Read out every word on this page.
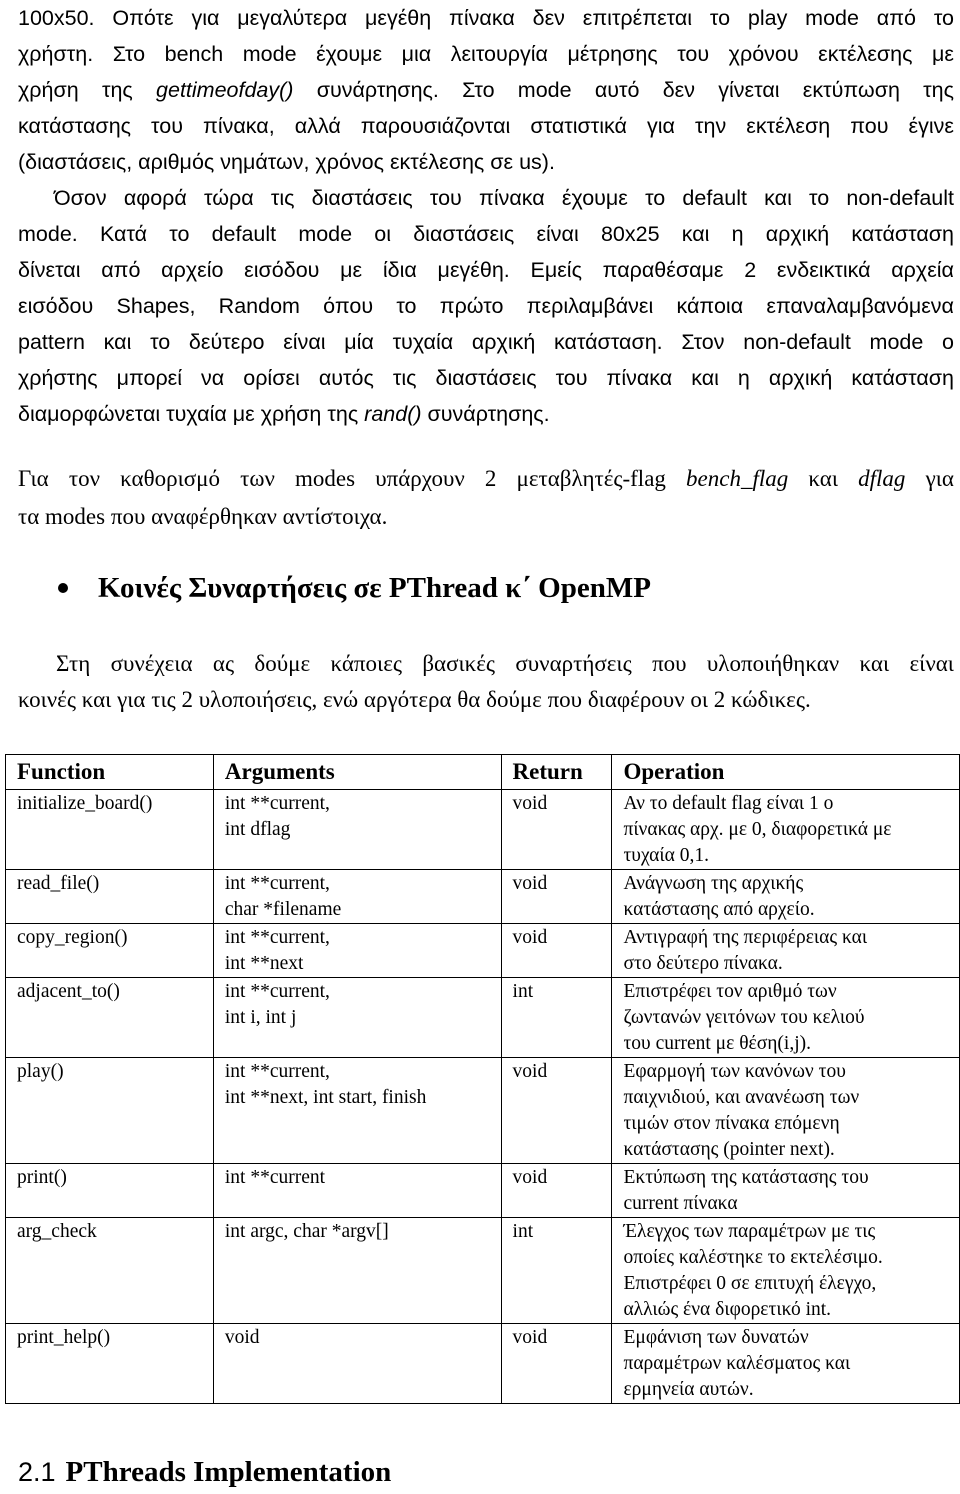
100x50. Οπότε για μεγαλύτερα μεγέθη πίνακα δεν επιτρέπεται το play mode από το
χρήστη. Στο bench mode έχουμε μια λειτουργία μέτρησης του χρόνου εκτέλεσης με
χρήση της gettimeofday() συνάρτησης. Στο mode αυτό δεν γίνεται εκτύπωση της
κατάστασης του πίνακα, αλλά παρουσιάζονται στατιστικά για την εκτέλεση που έγινε
(διαστάσεις, αριθμός νημάτων, χρόνος εκτέλεσης σε us).
Όσον αφορά τώρα τις διαστάσεις του πίνακα έχουμε το default και το non-default
mode. Κατά το default mode οι διαστάσεις είναι 80x25 και η αρχική κατάσταση
δίνεται από αρχείο εισόδου με ίδια μεγέθη. Εμείς παραθέσαμε 2 ενδεικτικά αρχεία
εισόδου Shapes, Random όπου το πρώτο περιλαμβάνει κάποια επαναλαμβανόμενα
pattern και το δεύτερο είναι μία τυχαία αρχική κατάσταση. Στον non-default mode ο
χρήστης μπορεί να ορίσει αυτός τις διαστάσεις του πίνακα και η αρχική κατάσταση
διαμορφώνεται τυχαία με χρήση της rand() συνάρτησης.
Για τον καθορισμό των modes υπάρχουν 2 μεταβλητές-flag bench_flag και dflag για
τα modes που αναφέρθηκαν αντίστοιχα.
Κοινές Συναρτήσεις σε PThread κ΄ OpenMP
Στη συνέχεια ας δούμε κάποιες βασικές συναρτήσεις που υλοποιήθηκαν και είναι
κοινές και για τις 2 υλοποιήσεις, ενώ αργότερα θα δούμε που διαφέρουν οι 2 κώδικες.
Function	Arguments	Return	Operation

initialize_board()	int **current,
int dflag	void	Αν το default flag είναι 1 ο
πίνακας αρχ. με 0, διαφορετικά με
τυχαία 0,1.

read_file()	int **current,
char *filename	void	Ανάγνωση της αρχικής
κατάστασης από αρχείο.

copy_region()	int **current,
int **next	void	Αντιγραφή της περιφέρειας και
στο δεύτερο πίνακα.

adjacent_to()	int **current,
int i, int j	int	Επιστρέφει τον αριθμό των
ζωντανών γειτόνων του κελιού
του current με θέση(i,j).

play()	int **current,
int **next, int start, finish	void	Εφαρμογή των κανόνων του
παιχνιδιού, και ανανέωση των
τιμών στον πίνακα επόμενη
κατάστασης (pointer next).

print()	int **current	void	Εκτύπωση της κατάστασης του
current πίνακα

arg_check	int argc, char *argv[]	int	Έλεγχος των παραμέτρων με τις
οποίες καλέστηκε το εκτελέσιμο.
Επιστρέφει 0 σε επιτυχή έλεγχο,
αλλιώς ένα διφορετικό int.

print_help()	void	void	Εμφάνιση των δυνατών
παραμέτρων καλέσματος και
ερμηνεία αυτών.
2.1 PThreads Implementation
